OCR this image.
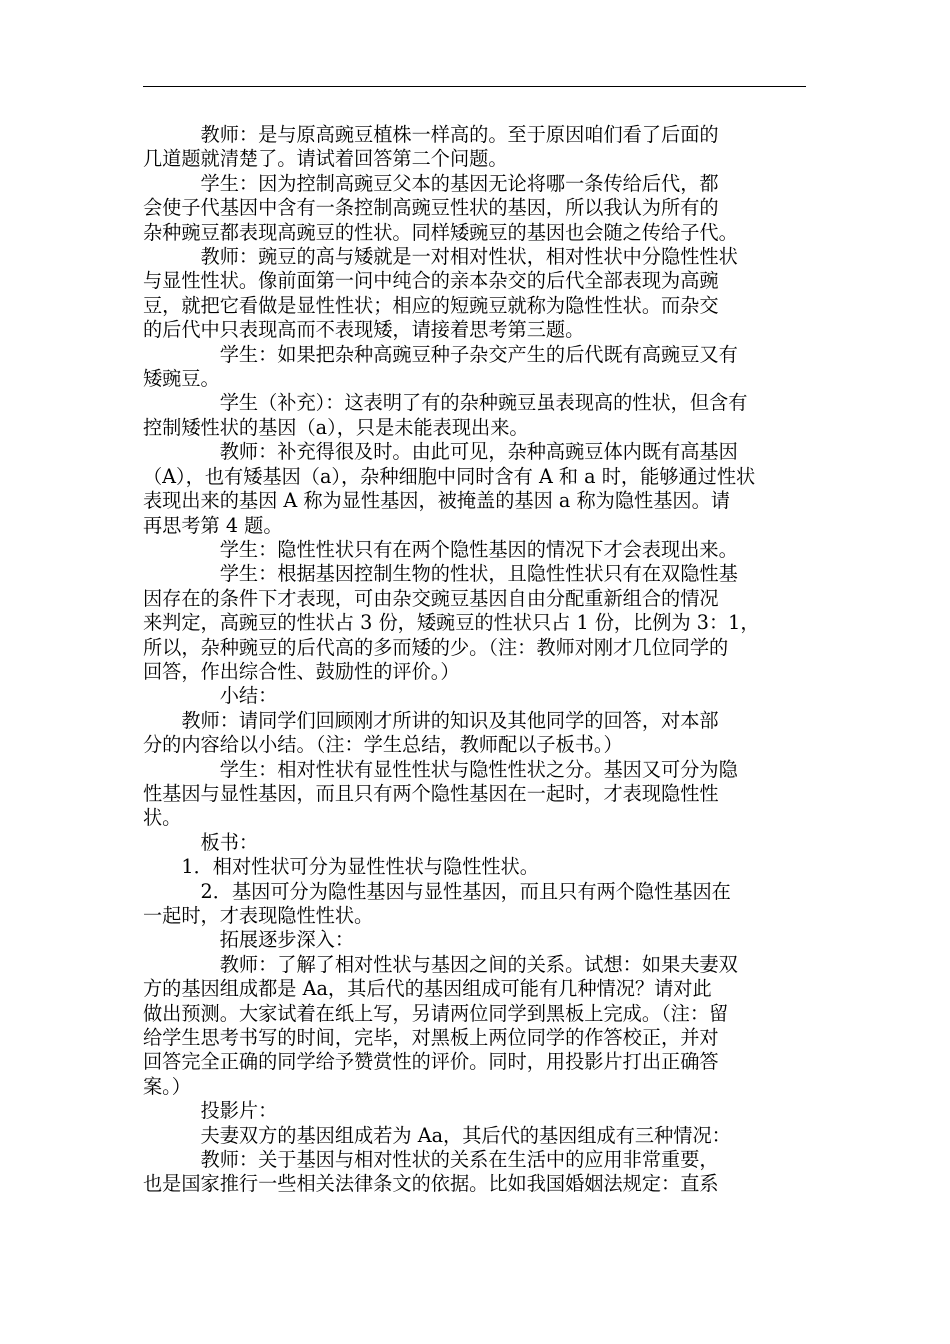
　　　教师：是与原高豌豆植株一样高的。至于原因咱们看了后面的

几道题就清楚了。请试着回答第二个问题。

　　　学生：因为控制高豌豆父本的基因无论将哪一条传给后代，都

会使子代基因中含有一条控制高豌豆性状的基因，所以我认为所有的

杂种豌豆都表现高豌豆的性状。同样矮豌豆的基因也会随之传给子代。

　　　教师：豌豆的高与矮就是一对相对性状，相对性状中分隐性性状

与显性性状。像前面第一问中纯合的亲本杂交的后代全部表现为高豌

豆，就把它看做是显性性状；相应的短豌豆就称为隐性性状。而杂交

的后代中只表现高而不表现矮，请接着思考第三题。

　　　　学生：如果把杂种高豌豆种子杂交产生的后代既有高豌豆又有

矮豌豆。

　　　　学生（补充）：这表明了有的杂种豌豆虽表现高的性状，但含有

控制矮性状的基因（a），只是未能表现出来。

　　　　教师：补充得很及时。由此可见，杂种高豌豆体内既有高基因

（A），也有矮基因（a），杂种细胞中同时含有 A 和 a 时，能够通过性状

表现出来的基因 A 称为显性基因，被掩盖的基因 a 称为隐性基因。请

再思考第 4 题。

　　　　学生：隐性性状只有在两个隐性基因的情况下才会表现出来。

　　　　学生：根据基因控制生物的性状，且隐性性状只有在双隐性基

因存在的条件下才表现，可由杂交豌豆基因自由分配重新组合的情况

来判定，高豌豆的性状占 3 份，矮豌豆的性状只占 1 份，比例为 3：1，

所以，杂种豌豆的后代高的多而矮的少。（注：教师对刚才几位同学的

回答，作出综合性、鼓励性的评价。）

　　　　小结：

　　教师：请同学们回顾刚才所讲的知识及其他同学的回答，对本部

分的内容给以小结。（注：学生总结，教师配以子板书。）

　　　　学生：相对性状有显性性状与隐性性状之分。基因又可分为隐

性基因与显性基因，而且只有两个隐性基因在一起时，才表现隐性性

状。

　　　板书：

　　1．相对性状可分为显性性状与隐性性状。

　　　2．基因可分为隐性基因与显性基因，而且只有两个隐性基因在

一起时，才表现隐性性状。

　　　　拓展逐步深入：

　　　　教师：了解了相对性状与基因之间的关系。试想：如果夫妻双

方的基因组成都是 Aa，其后代的基因组成可能有几种情况？请对此

做出预测。大家试着在纸上写，另请两位同学到黑板上完成。（注：留

给学生思考书写的时间，完毕，对黑板上两位同学的作答校正，并对

回答完全正确的同学给予赞赏性的评价。同时，用投影片打出正确答

案。）

　　　投影片：

　　　夫妻双方的基因组成若为 Aa，其后代的基因组成有三种情况：

　　　教师：关于基因与相对性状的关系在生活中的应用非常重要，

也是国家推行一些相关法律条文的依据。比如我国婚姻法规定：直系
